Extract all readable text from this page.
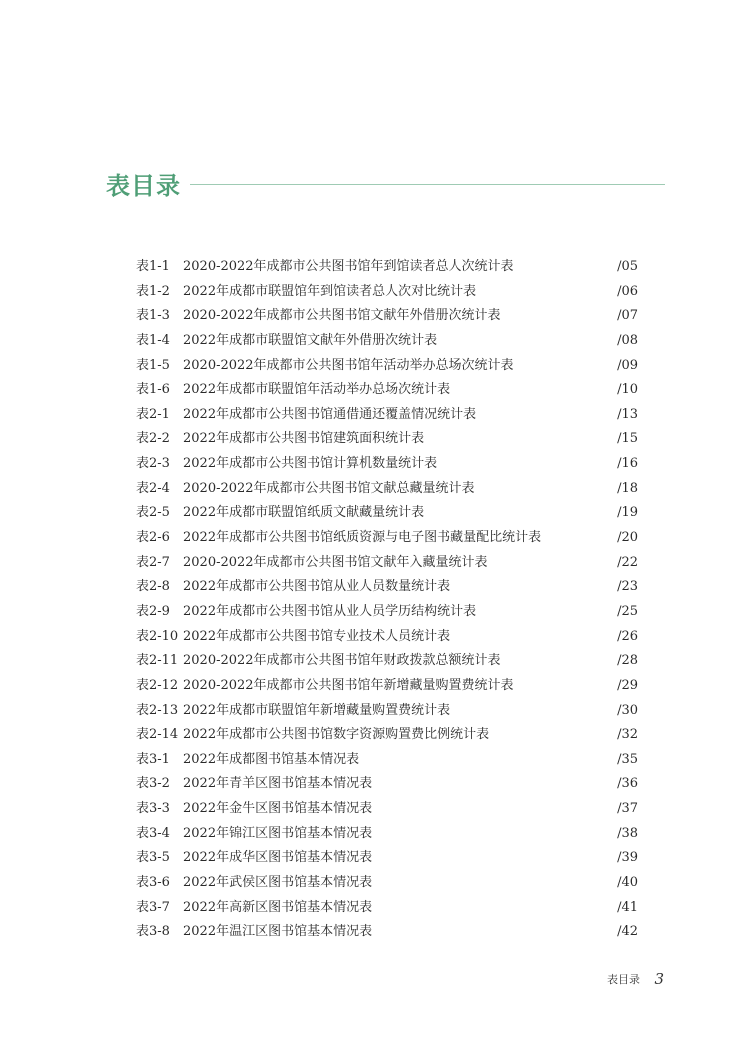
表目录
表1-1 2020-2022年成都市公共图书馆年到馆读者总人次统计表	/05
表1-2 2022年成都市联盟馆年到馆读者总人次对比统计表	/06
表1-3 2020-2022年成都市公共图书馆文献年外借册次统计表	/07
表1-4 2022年成都市联盟馆文献年外借册次统计表	/08
表1-5 2020-2022年成都市公共图书馆年活动举办总场次统计表	/09
表1-6 2022年成都市联盟馆年活动举办总场次统计表	/10
表2-1 2022年成都市公共图书馆通借通还覆盖情况统计表	/13
表2-2 2022年成都市公共图书馆建筑面积统计表	/15
表2-3 2022年成都市公共图书馆计算机数量统计表	/16
表2-4 2020-2022年成都市公共图书馆文献总藏量统计表	/18
表2-5 2022年成都市联盟馆纸质文献藏量统计表	/19
表2-6 2022年成都市公共图书馆纸质资源与电子图书藏量配比统计表	/20
表2-7 2020-2022年成都市公共图书馆文献年入藏量统计表	/22
表2-8 2022年成都市公共图书馆从业人员数量统计表	/23
表2-9 2022年成都市公共图书馆从业人员学历结构统计表	/25
表2-10 2022年成都市公共图书馆专业技术人员统计表	/26
表2-11 2020-2022年成都市公共图书馆年财政拨款总额统计表	/28
表2-12 2020-2022年成都市公共图书馆年新增藏量购置费统计表	/29
表2-13 2022年成都市联盟馆年新增藏量购置费统计表	/30
表2-14 2022年成都市公共图书馆数字资源购置费比例统计表	/32
表3-1 2022年成都图书馆基本情况表	/35
表3-2 2022年青羊区图书馆基本情况表	/36
表3-3 2022年金牛区图书馆基本情况表	/37
表3-4 2022年锦江区图书馆基本情况表	/38
表3-5 2022年成华区图书馆基本情况表	/39
表3-6 2022年武侯区图书馆基本情况表	/40
表3-7 2022年高新区图书馆基本情况表	/41
表3-8 2022年温江区图书馆基本情况表	/42
表目录 3
